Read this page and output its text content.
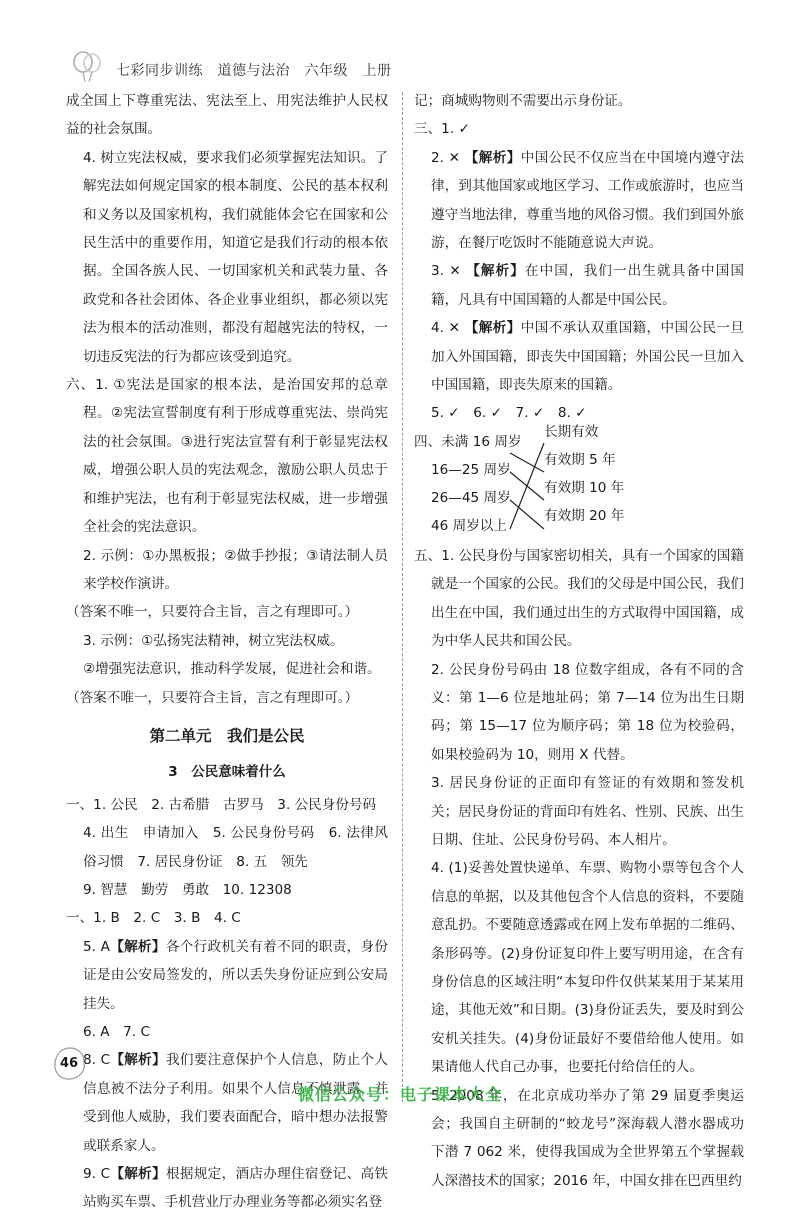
七彩同步训练　道德与法治　六年级　上册

成全国上下尊重宪法、宪法至上、用宪法维护人民权益的社会氛围。

4. 树立宪法权威，要求我们必须掌握宪法知识。了解宪法如何规定国家的根本制度、公民的基本权利和义务以及国家机构，我们就能体会它在国家和公民生活中的重要作用，知道它是我们行动的根本依据。全国各族人民、一切国家机关和武装力量、各政党和各社会团体、各企业事业组织，都必须以宪法为根本的活动准则，都没有超越宪法的特权，一切违反宪法的行为都应该受到追究。

六、1. ①宪法是国家的根本法，是治国安邦的总章程。②宪法宣誓制度有利于形成尊重宪法、崇尚宪法的社会氛围。③进行宪法宣誓有利于彰显宪法权威，增强公职人员的宪法观念，激励公职人员忠于和维护宪法，也有利于彰显宪法权威，进一步增强全社会的宪法意识。

2. 示例：①办黑板报；②做手抄报；③请法制人员来学校作演讲。

（答案不唯一，只要符合主旨，言之有理即可。）

3. 示例：①弘扬宪法精神，树立宪法权威。

②增强宪法意识，推动科学发展，促进社会和谐。

（答案不唯一，只要符合主旨，言之有理即可。）

第二单元　我们是公民
3　公民意味着什么

一、1. 公民　2. 古希腊　古罗马　3. 公民身份号码

4. 出生　申请加入　5. 公民身份号码　6. 法律风俗习惯　7. 居民身份证　8. 五　领先

9. 智慧　勤劳　勇敢　10. 12308

一、1. B　2. C　3. B　4. C

5. A【解析】各个行政机关有着不同的职责，身份证是由公安局签发的，所以丢失身份证应到公安局挂失。

6. A　7. C

8. C【解析】我们要注意保护个人信息，防止个人信息被不法分子利用。如果个人信息不慎泄露，并受到他人威胁，我们要表面配合，暗中想办法报警或联系家人。

9. C【解析】根据规定，酒店办理住宿登记、高铁站购买车票、手机营业厅办理业务等都必须实名登

记；商城购物则不需要出示身份证。

三、1. ✓

2. ✕ 【解析】中国公民不仅应当在中国境内遵守法律，到其他国家或地区学习、工作或旅游时，也应当遵守当地法律，尊重当地的风俗习惯。我们到国外旅游，在餐厅吃饭时不能随意说大声说。

3. ✕ 【解析】在中国，我们一出生就具备中国国籍，凡具有中国国籍的人都是中国公民。

4. ✕ 【解析】中国不承认双重国籍，中国公民一旦加入外国国籍，即丧失中国国籍；外国公民一旦加入中国国籍，即丧失原来的国籍。

5. ✓　6. ✓　7. ✓　8. ✓

四、未满 16 周岁
16—25 周岁
26—45 周岁
46 周岁以上
长期有效
有效期 5 年
有效期 10 年
有效期 20 年

五、1. 公民身份与国家密切相关，具有一个国家的国籍就是一个国家的公民。我们的父母是中国公民，我们出生在中国，我们通过出生的方式取得中国国籍，成为中华人民共和国公民。

2. 公民身份号码由 18 位数字组成，各有不同的含义：第 1—6 位是地址码；第 7—14 位为出生日期码；第 15—17 位为顺序码；第 18 位为校验码，如果校验码为 10，则用 X 代替。

3. 居民身份证的正面印有签证的有效期和签发机关；居民身份证的背面印有姓名、性别、民族、出生日期、住址、公民身份号码、本人相片。

4. (1)妥善处置快递单、车票、购物小票等包含个人信息的单据，以及其他包含个人信息的资料，不要随意乱扔。不要随意透露或在网上发布单据的二维码、条形码等。(2)身份证复印件上要写明用途，在含有身份信息的区域注明“本复印件仅供某某用于某某用途，其他无效”和日期。(3)身份证丢失，要及时到公安机关挂失。(4)身份证最好不要借给他人使用。如果请他人代自己办事，也要托付给信任的人。

5. 2008 年，在北京成功举办了第 29 届夏季奥运会；我国自主研制的“蛟龙号”深海载人潜水器成功下潜 7 062 米，使得我国成为全世界第五个掌握载人深潜技术的国家；2016 年，中国女排在巴西里约

46
微信公众号：电子课本大全
